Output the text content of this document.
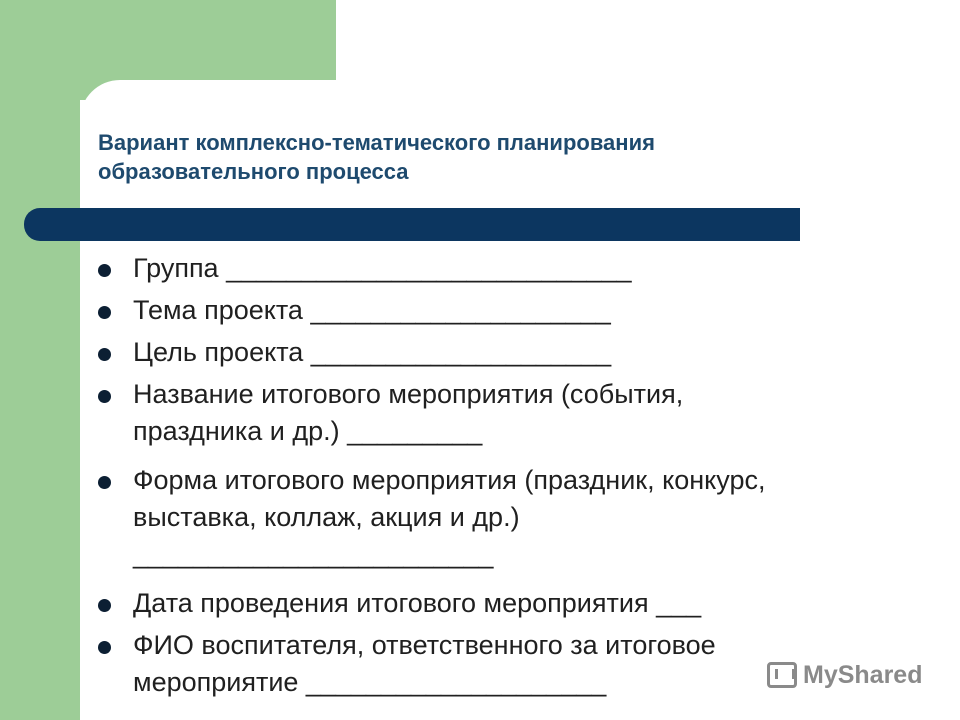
Вариант комплексно-тематического планирования
образовательного процесса
Группа ___________________________
Тема проекта ____________________
Цель проекта ____________________
Название итогового мероприятия (события,
праздника и др.) _________
Форма итогового мероприятия (праздник, конкурс,
выставка, коллаж, акция и др.)
________________________
Дата проведения итогового мероприятия ___
ФИО воспитателя, ответственного за итоговое
мероприятие ____________________	MyShared
